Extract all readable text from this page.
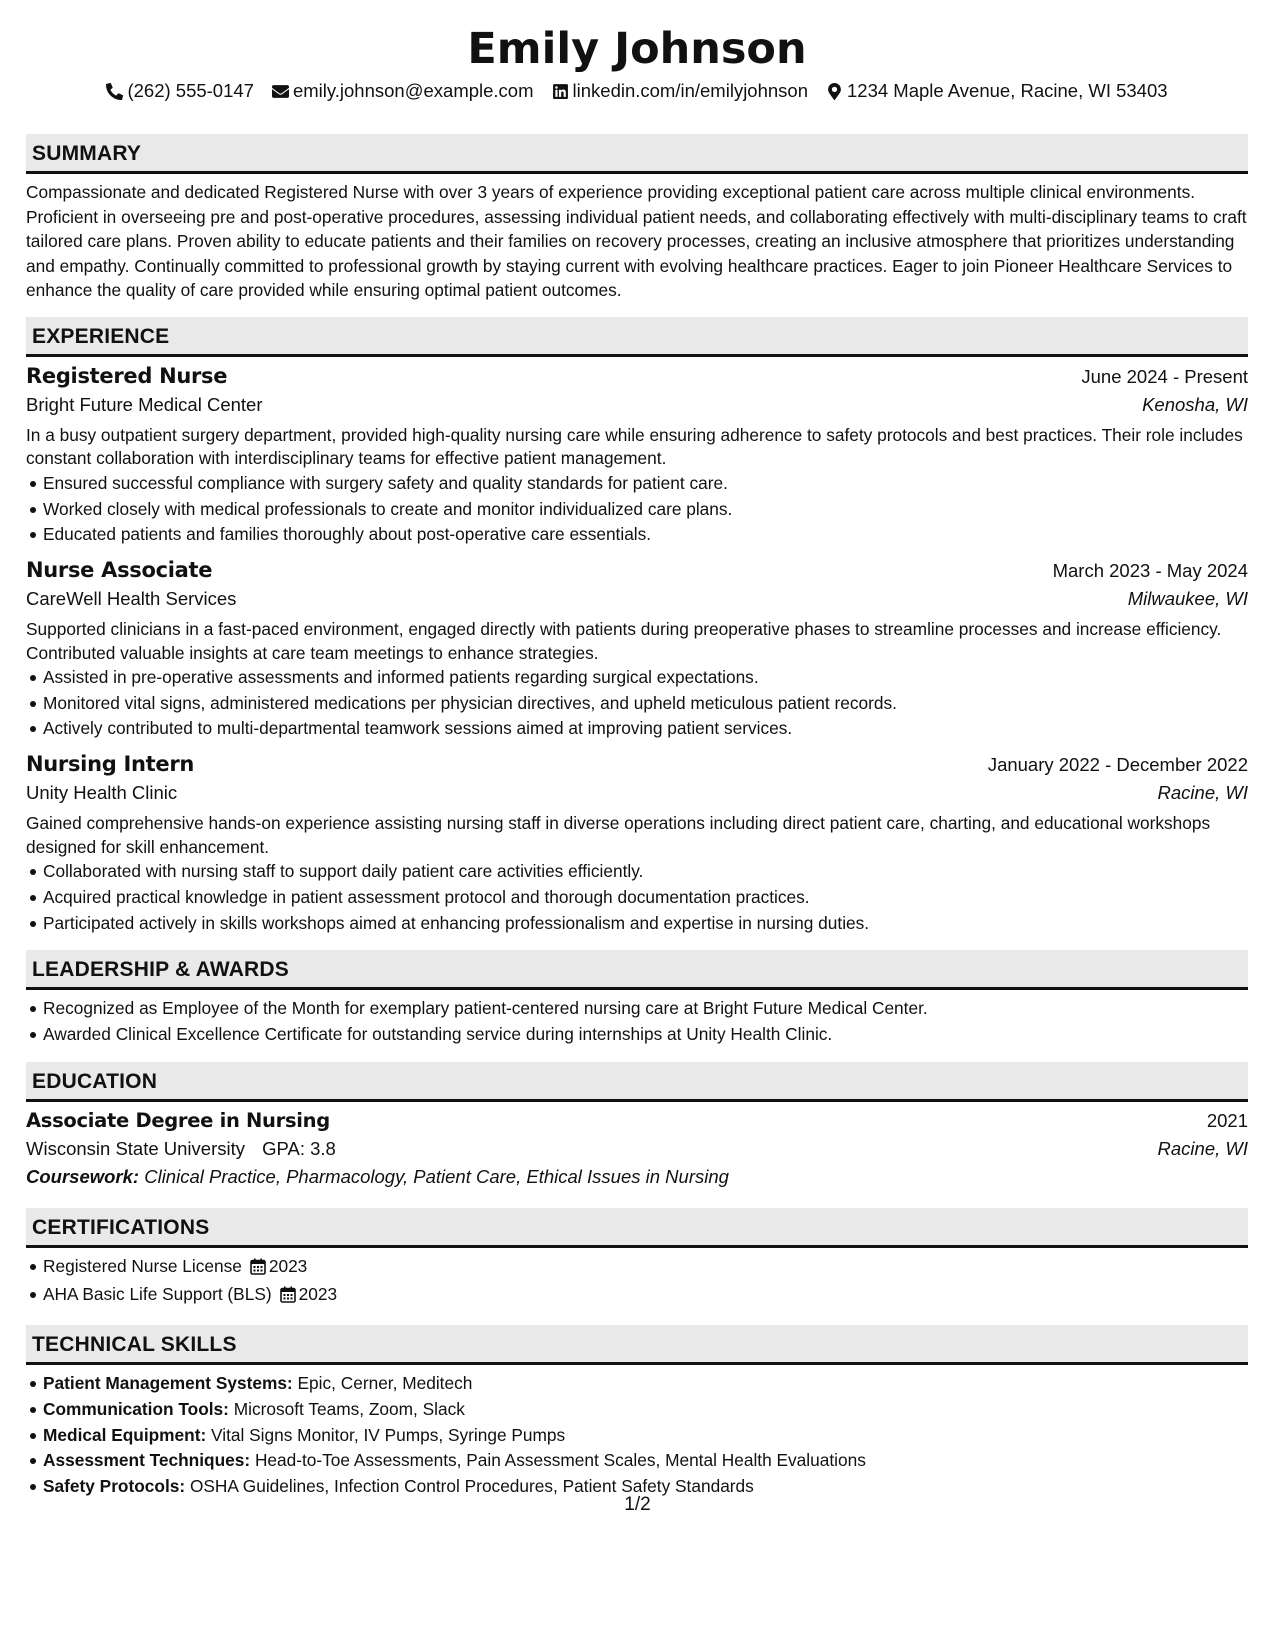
Emily Johnson
(262) 555-0147 emily.johnson@example.com linkedin.com/in/emilyjohnson 1234 Maple Avenue, Racine, WI 53403
SUMMARY

Compassionate and dedicated Registered Nurse with over 3 years of experience providing exceptional patient care across multiple clinical environments. Proficient in overseeing pre and post-operative procedures, assessing individual patient needs, and collaborating effectively with multi-disciplinary teams to craft tailored care plans. Proven ability to educate patients and their families on recovery processes, creating an inclusive atmosphere that prioritizes understanding and empathy. Continually committed to professional growth by staying current with evolving healthcare practices. Eager to join Pioneer Healthcare Services to enhance the quality of care provided while ensuring optimal patient outcomes.

EXPERIENCE
Registered Nurse	June 2024 - Present
Bright Future Medical Center	Kenosha, WI

In a busy outpatient surgery department, provided high-quality nursing care while ensuring adherence to safety protocols and best practices. Their role includes constant collaboration with interdisciplinary teams for effective patient management.

Ensured successful compliance with surgery safety and quality standards for patient care.
Worked closely with medical professionals to create and monitor individualized care plans.
Educated patients and families thoroughly about post-operative care essentials.
Nurse Associate	March 2023 - May 2024
CareWell Health Services	Milwaukee, WI

Supported clinicians in a fast-paced environment, engaged directly with patients during preoperative phases to streamline processes and increase efficiency. Contributed valuable insights at care team meetings to enhance strategies.

Assisted in pre-operative assessments and informed patients regarding surgical expectations.
Monitored vital signs, administered medications per physician directives, and upheld meticulous patient records.
Actively contributed to multi-departmental teamwork sessions aimed at improving patient services.
Nursing Intern	January 2022 - December 2022
Unity Health Clinic	Racine, WI

Gained comprehensive hands-on experience assisting nursing staff in diverse operations including direct patient care, charting, and educational workshops designed for skill enhancement.

Collaborated with nursing staff to support daily patient care activities efficiently.
Acquired practical knowledge in patient assessment protocol and thorough documentation practices.
Participated actively in skills workshops aimed at enhancing professionalism and expertise in nursing duties.
LEADERSHIP & AWARDS
Recognized as Employee of the Month for exemplary patient-centered nursing care at Bright Future Medical Center.
Awarded Clinical Excellence Certificate for outstanding service during internships at Unity Health Clinic.
EDUCATION
Associate Degree in Nursing	2021
Wisconsin State University GPA: 3.8	Racine, WI
Coursework: Clinical Practice, Pharmacology, Patient Care, Ethical Issues in Nursing
CERTIFICATIONS
Registered Nurse License 2023
AHA Basic Life Support (BLS) 2023
TECHNICAL SKILLS
Patient Management Systems: Epic, Cerner, Meditech
Communication Tools: Microsoft Teams, Zoom, Slack
Medical Equipment: Vital Signs Monitor, IV Pumps, Syringe Pumps
Assessment Techniques: Head-to-Toe Assessments, Pain Assessment Scales, Mental Health Evaluations
Safety Protocols: OSHA Guidelines, Infection Control Procedures, Patient Safety Standards
1/2
